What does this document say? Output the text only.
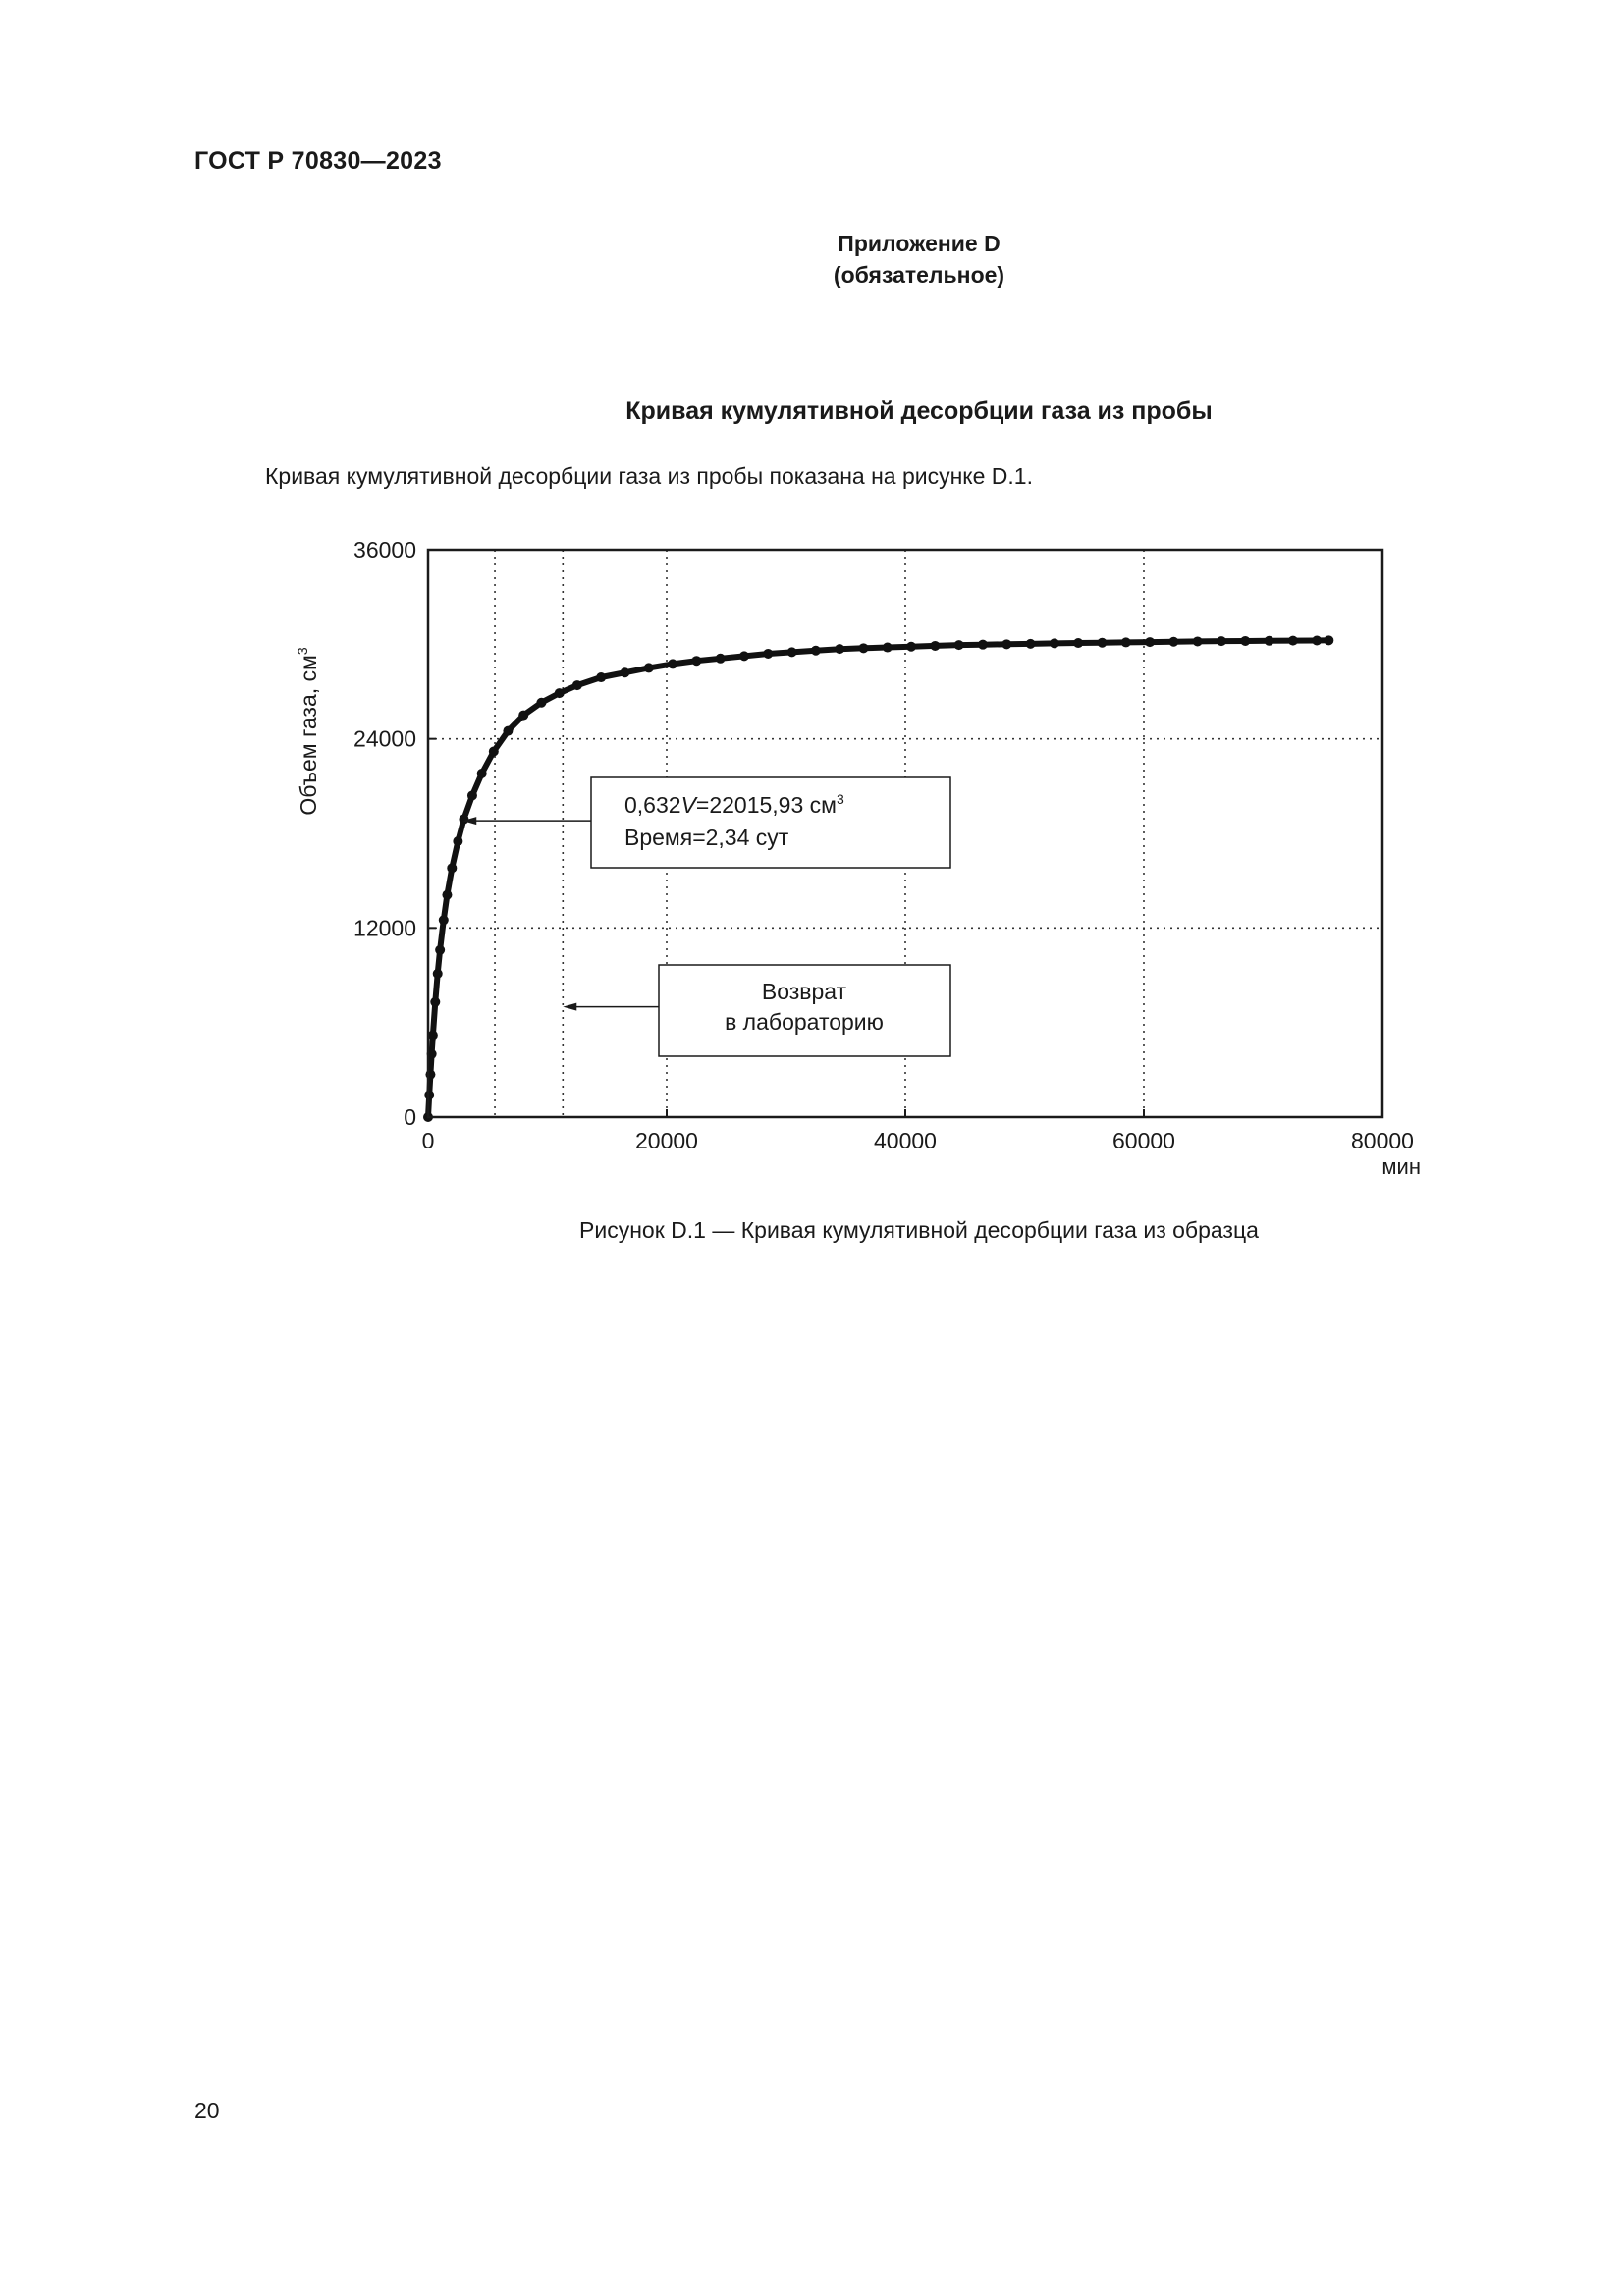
ГОСТ Р 70830—2023
Приложение D
(обязательное)
Кривая кумулятивной десорбции газа из пробы
Кривая кумулятивной десорбции газа из пробы показана на рисунке D.1.
0	20000	40000	60000	80000
0
12000
24000
36000
мин
Объем газа, $см^3$
0,632V=22015,93 $см^3$
Время=2,34 сут
Возврат
в лабораторию
Рисунок D.1 — Кривая кумулятивной десорбции газа из образца
20
